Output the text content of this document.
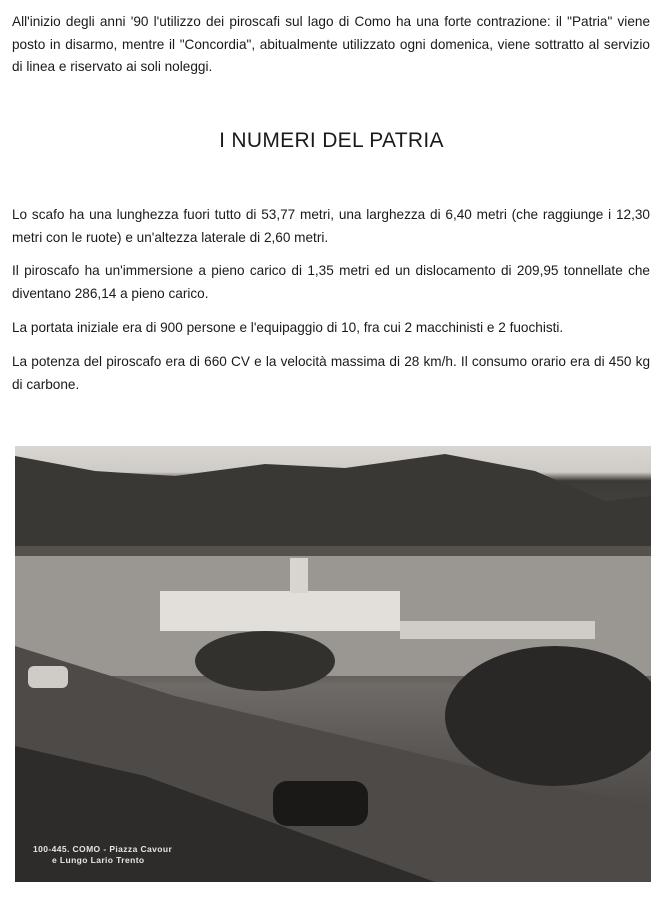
All'inizio degli anni '90 l'utilizzo dei piroscafi sul lago di Como ha una forte contrazione: il "Patria" viene posto in disarmo, mentre il "Concordia", abitualmente utilizzato ogni domenica, viene sottratto al servizio di linea e riservato ai soli noleggi.

I NUMERI DEL PATRIA

Lo scafo ha una lunghezza fuori tutto di 53,77 metri, una larghezza di 6,40 metri (che raggiunge i 12,30 metri con le ruote) e un'altezza laterale di 2,60 metri.

Il piroscafo ha un'immersione a pieno carico di 1,35 metri ed un dislocamento di 209,95 tonnellate che diventano 286,14 a pieno carico.

La portata iniziale era di 900 persone e l'equipaggio di 10, fra cui 2 macchinisti e 2 fuochisti.

La potenza del piroscafo era di 660 CV e la velocità massima di 28 km/h. Il consumo orario era di 450 kg di carbone.

100-445. COMO - Piazza Cavour
e Lungo Lario Trento
